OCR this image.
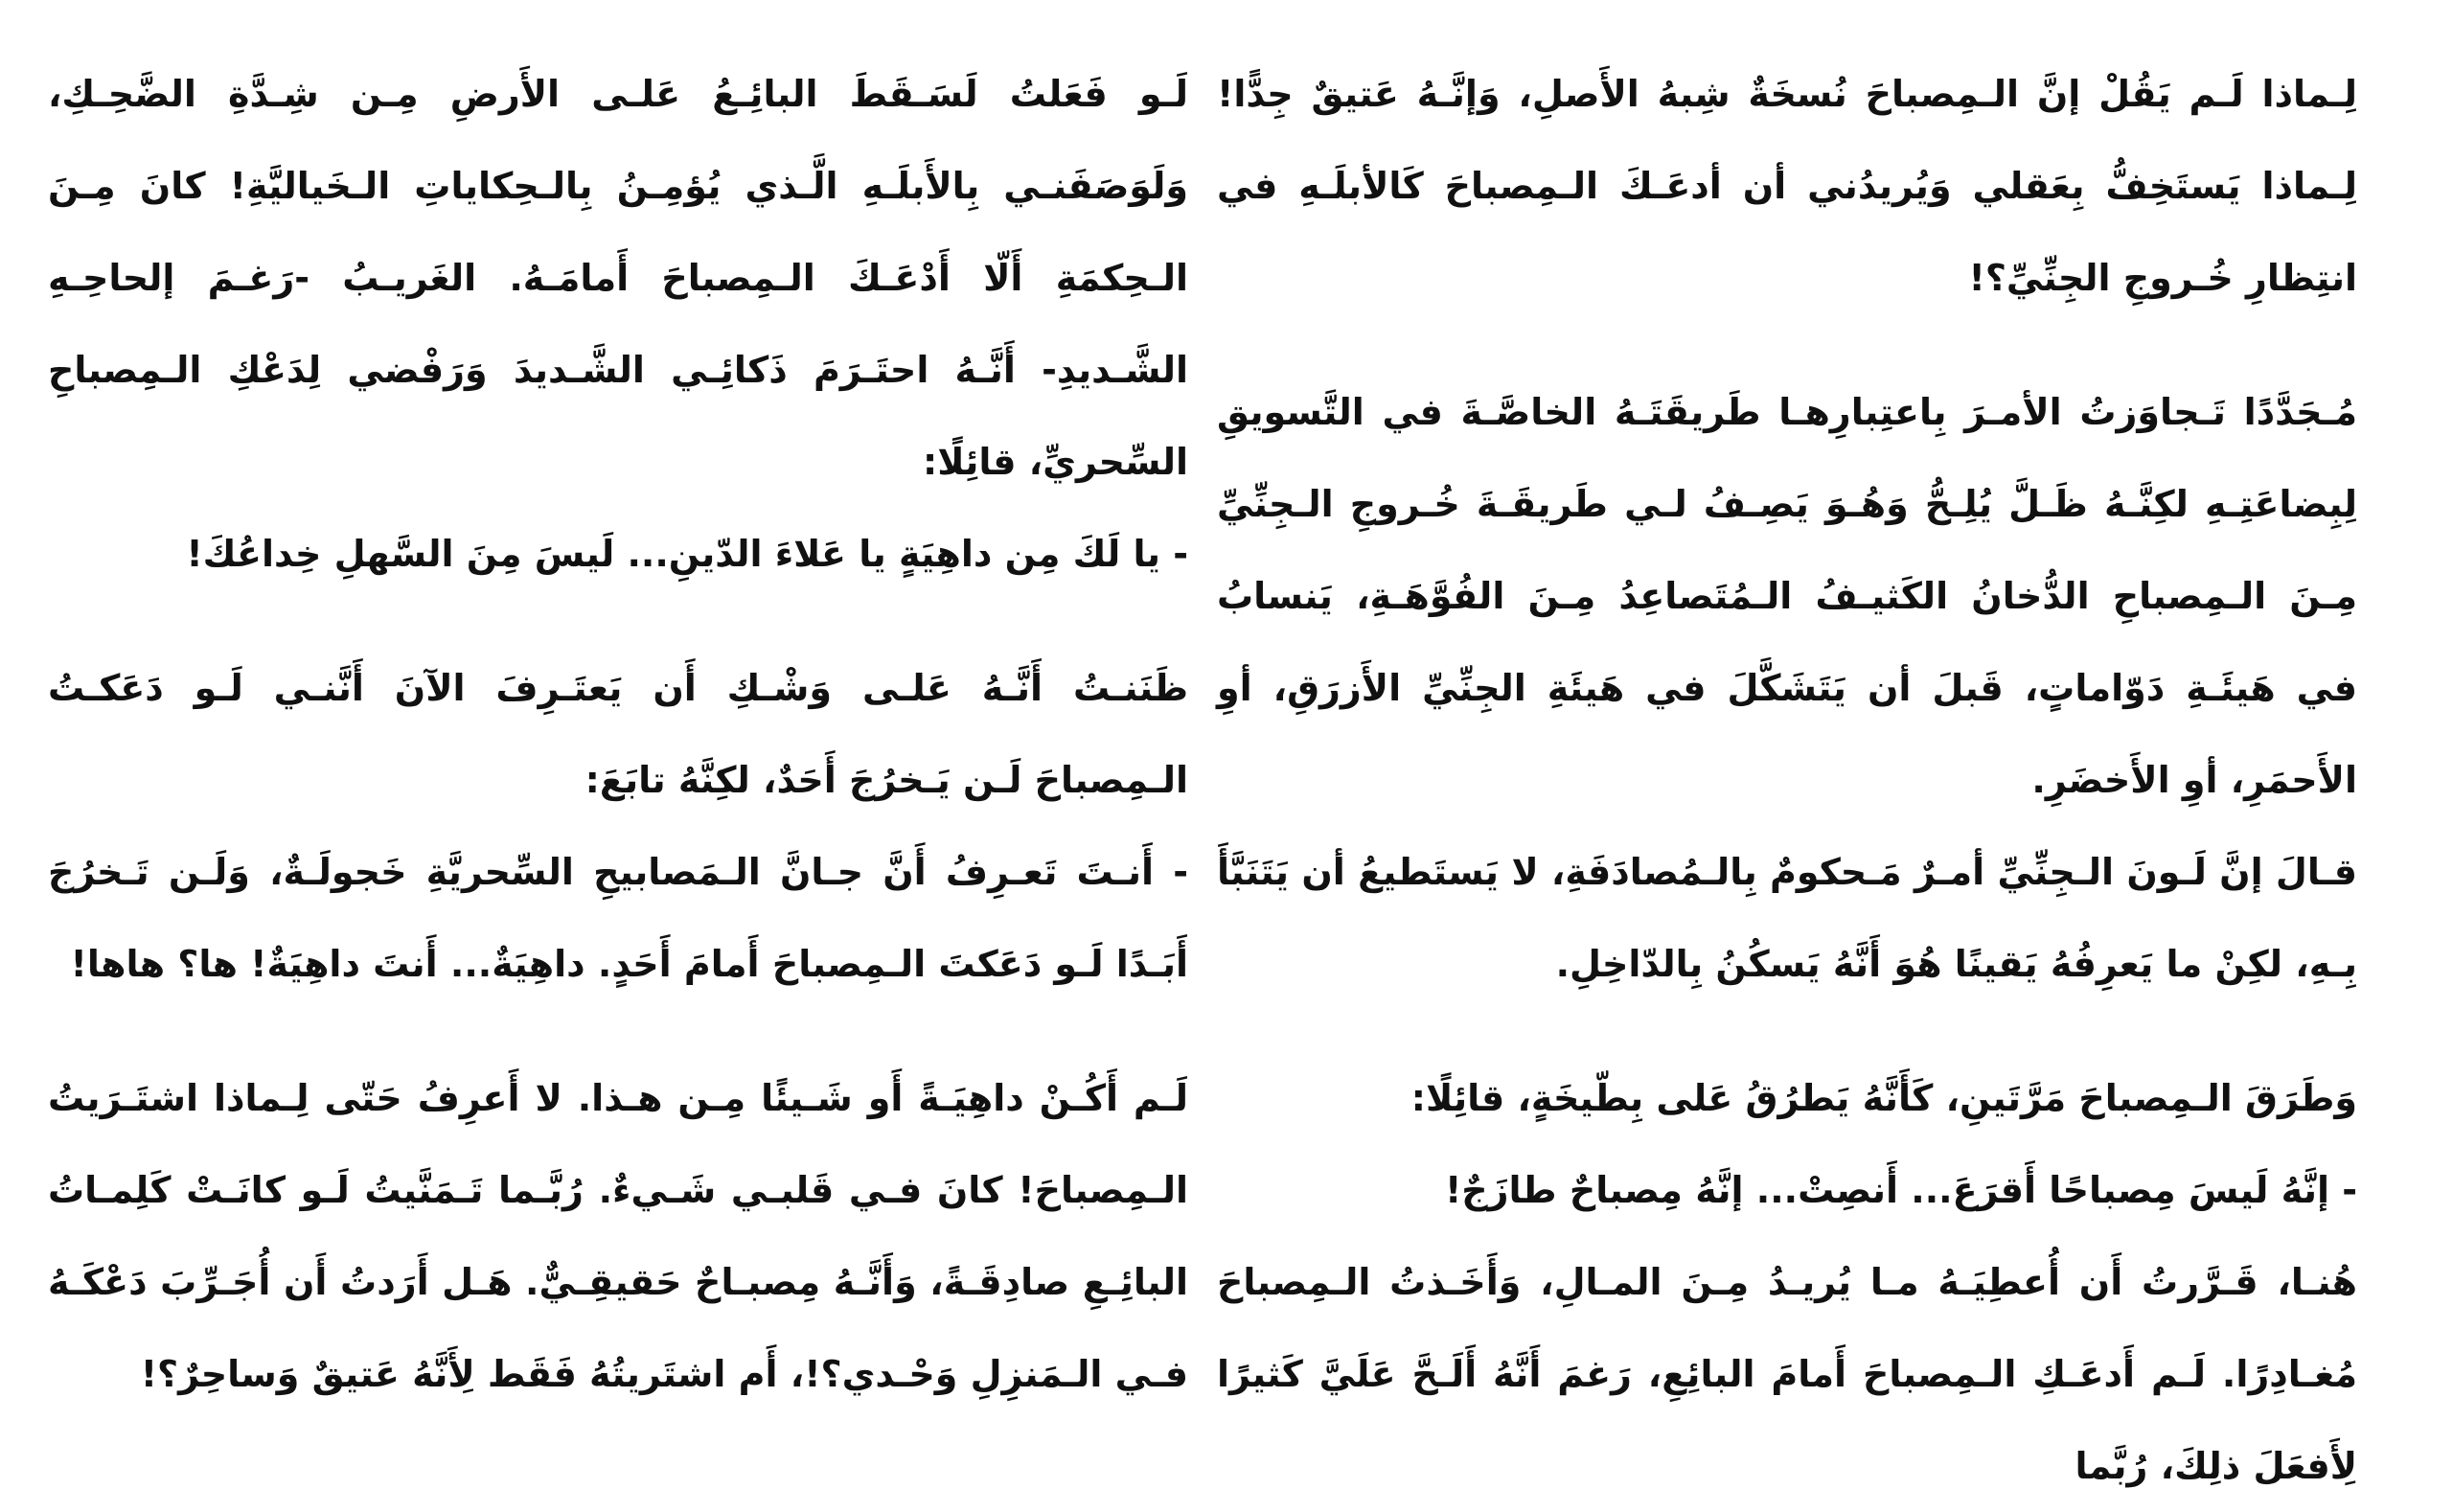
لِـماذا لَـم يَقُلْ إنَّ الـمِصباحَ نُسخَةٌ شِبهُ الأَصلِ، وَإنَّـهُ عَتيقٌ جِدًّا! لِـماذا يَستَخِفُّ بِعَقلي وَيُريدُني أن أدعَـكَ الـمِصباحَ كَالأبلَـهِ في انتِظارِ خُـروجِ الجِنِّيِّ؟!

مُـجَدَّدًا تَـجاوَزتُ الأمـرَ بِاعتِبارِهـا طَريقَتَـهُ الخاصَّـةَ في التَّسويقِ لِبِضاعَتِـهِ لكِنَّـهُ ظَـلَّ يُلِـحُّ وَهُـوَ يَصِـفُ لـي طَريقَـةَ خُـروجِ الـجِنِّيِّ مِـنَ الـمِصباحِ الدُّخانُ الكَثيـفُ الـمُتَصاعِدُ مِـنَ الفُوَّهَـةِ، يَنسابُ في هَيئَـةِ دَوّاماتٍ، قَبلَ أن يَتَشَكَّلَ في هَيئَةِ الجِنِّيِّ الأَزرَقِ، أوِ الأَحمَرِ، أوِ الأَخضَرِ.

قـالَ إنَّ لَـونَ الـجِنِّيِّ أمـرٌ مَـحكومٌ بِالـمُصادَفَةِ، لا يَستَطيعُ أن يَتَنَبَّأَ بِـهِ، لكِنْ ما يَعرِفُهُ يَقينًا هُوَ أَنَّهُ يَسكُنُ بِالدّاخِلِ.

وَطَرَقَ الـمِصباحَ مَرَّتَينِ، كَأَنَّهُ يَطرُقُ عَلى بِطّيخَةٍ، قائِلًا:

- إنَّهُ لَيسَ مِصباحًا أَقرَعَ... أَنصِتْ... إنَّهُ مِصباحٌ طازَجٌ!

هُنـا، قَـرَّرتُ أَن أُعطِيَـهُ مـا يُريـدُ مِـنَ المـالِ، وَأَخَـذتُ الـمِصباحَ مُغـادِرًا. لَـم أَدعَـكِ الـمِصباحَ أَمامَ البائِعِ، رَغمَ أَنَّهُ أَلَـحَّ عَلَيَّ كَثيرًا لِأَفعَلَ ذلِكَ، رُبَّما

لَـو فَعَلتُ لَسَـقَطَ البائِـعُ عَلـى الأَرضِ مِـن شِـدَّةِ الضَّحِـكِ، وَلَوَصَفَنـي بِالأَبلَـهِ الَّـذي يُؤمِـنُ بِالـحِكاياتِ الـخَياليَّةِ! كانَ مِـنَ الـحِكمَةِ أَلّا أَدْعَـكَ الـمِصباحَ أَمامَـهُ. الغَريـبُ -رَغـمَ إلحاحِـهِ الشَّـديدِ- أَنَّـهُ احتَـرَمَ ذَكائِـي الشَّـديدَ وَرَفْضي لِدَعْكِ الـمِصباحِ السِّحريِّ، قائِلًا:

- يا لَكَ مِن داهِيَةٍ يا عَلاءَ الدّينِ... لَيسَ مِنَ السَّهلِ خِداعُكَ!

ظَنَنـتُ أَنَّـهُ عَلـى وَشْـكِ أَن يَعتَـرِفَ الآنَ أَنَّنـي لَـو دَعَكـتُ الـمِصباحَ لَـن يَـخرُجَ أَحَدٌ، لكِنَّهُ تابَعَ:

- أَنـتَ تَعـرِفُ أَنَّ جـانَّ الـمَصابيحِ السِّحريَّةِ خَجولَـةٌ، وَلَـن تَـخرُجَ أَبَـدًا لَـو دَعَكتَ الـمِصباحَ أَمامَ أَحَدٍ. داهِيَةٌ... أَنتَ داهِيَةٌ! ها؟ هاها!

لَـم أَكُـنْ داهِيَـةً أَو شَـيئًا مِـن هـذا. لا أَعرِفُ حَتّى لِـماذا اشتَـرَيتُ الـمِصباحَ! كانَ فـي قَلبـي شَـيءٌ. رُبَّـما تَـمَنَّيتُ لَـو كانَـتْ كَلِمـاتُ البائِـعِ صادِقَـةً، وَأَنَّـهُ مِصبـاحٌ حَقيقِـيٌّ. هَـل أَرَدتُ أَن أُجَـرِّبَ دَعْكَـهُ فـي الـمَنزِلِ وَحْـدي؟!، أَم اشتَريتُهُ فَقَط لِأَنَّهُ عَتيقٌ وَساحِرٌ؟!
